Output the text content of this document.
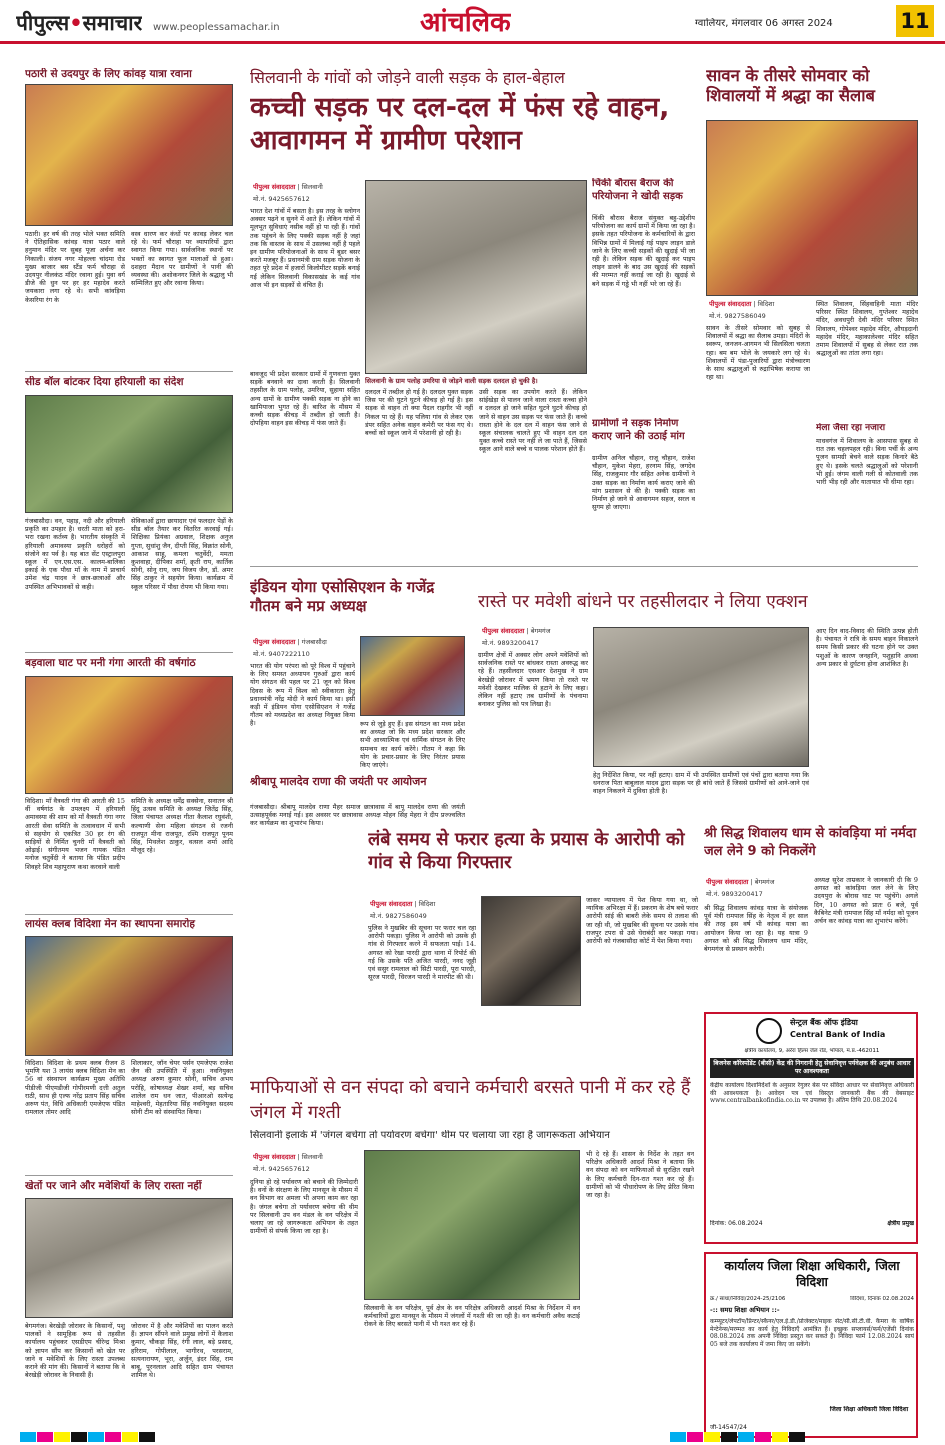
पीपुल्स•समाचार www.peoplessamachar.in	आंचलिक	ग्वालियर, मंगलवार 06 अगस्त 2024	11
पठारी से उदयपुर के लिए कांवड़ यात्रा रवाना
पठारी। हर वर्ष की तरह भोले भक्त समिति ने ऐतिहासिक कांवड़ यात्रा पठार वाले हनुमान मंदिर पर सुबह पूजा अर्चना कर निकाली। संजय नगर मोहल्ला चांदमा रोड मुख्य बाजार बस स्टैंड फर्म चौराहा से उदयपुर नीलकंठ मंदिर रवाना हुई। युवा वर्ग डीजे की धुन पर हर हर महादेव करते जयकारा लगा रहे थे। सभी कांवड़िया केसरिया रंग के
वस्त्र धारण कर कंधों पर कावड़ लेकर चल रहे थे। फर्म चौराहा पर व्यापारियों द्वारा स्वागत किया गया। सार्वजनिक स्थानों पर भक्तों का स्वागत फूल मालाओं से हुआ। दशहरा मैदान पर ग्रामीणों ने पानी की व्यवस्था की। अशोकनगर जिले के श्रद्धालु भी सम्मिलित हुए और रवाना किया।
सीड बॉल बांटकर दिया हरियाली का संदेश
गंजबासौदा। वन, पहाड़, नदी और हरियाली प्रकृति का उपहार है। धरती माता को हरा-भरा रखना कर्तव्य है। भारतीय संस्कृति में हरियाली अमावस्या प्रकृति धरोहरों को संजोने का पर्व है। यह बात सेंट एस्ट्रालपुरा स्कूल में एन.एस.एस. कालम-बालिका इकाई के एक पौधा माँ के नाम में प्राचार्य उमेश चंद्र यादव ने छात्र-छात्राओं और उपस्थित अभिभावकों से कही।
सेविकाओं द्वारा छायादार एवं फलदार पेड़ों के सीड बॉल तैयार कर वितरित करवाई गई। शिक्षिका प्रियंका अग्रवाल, शिक्षक अनुज गुप्ता, सुधांशु जैन, दीप्ती सिंह, विक्रांत सोनी, आकाश साहू, कमला चतुर्वेदी, ममता कुशवाहा, दीपिका शर्मा, क्रृती राय, कार्तिक सोनी, सोनू राय, जय विजय जैन, डॉ. अमर सिंह ठाकुर ने सहयोग किया। कार्यक्रम में स्कूल परिसर में पौधा रोपण भी किया गया।
बड़वाला घाट पर मनी गंगा आरती की वर्षगांठ
विदिशा। माँ वैत्रवती गंगा की आरती की 15 वीं वर्षगांठ के उपलक्ष्य में हरियाली अमावस्या की शाम को माँ वैत्रवती गंगा नगर आरती सेवा समिति के तत्वावधान में सभी से सहयोग से एकत्रित 30 हर रंग की साड़ियों से निर्मित चुनरी माँ वैत्रवती को ओढ़ाई। संगीतमय भजन गायक पंडित मनोज चतुर्वेदी ने बताया कि पंडित प्रदीप शिवहरे शिव महापुराण कथा करवाने वाली
समिति के अध्यक्ष धर्मेंद्र सक्सेना, सनातन श्री हिंदू उत्सव समिति के अध्यक्ष जितेंद्र सिंह, जिला पंचायत अध्यक्ष गीता कैलाश रघुवंशी, कल्याणी सेना महिला संगठन से रजनी राजपूत मीना राजपूत, रश्मि राजपूत पूनम सिंह, मिथलेश ठाकुर, वत्सल शर्मा आदि मौजूद रहे।
लायंस क्लब विदिशा मेन का स्थापना समारोह
विदिशा। विदिशा के प्रथम क्लब रीजन 8 भूमणि यश 3 लायंस क्लब विदिशा मेन का 56 वां संस्थापन कार्यक्रम मुख्य अतिथि पीडीजी पीएमडीजी गोपीरमणी दत्ती अतुल राठी, साथ ही एल्फ नरेंद्र प्रताप सिंह सचिव अरुण पंत, विधि अधिकारी एमजेएफ पंडित रामलाल तोमर आदि
शिलाकार, जॉन चेयर पर्सन एमजेएफ राजेश जैन की उपस्थिति में हुआ। नवनियुक्त अध्यक्ष अरुण कुमार सोनी, सचिव अभय परोहि, कोषाध्यक्ष शेखर शर्मा, बड़ सचिव शालेल राम धन जात, पीआरओ सत्येन्द्र माहेश्वरी, मेहतारिया सिंह नवनियुक्त सदस्य सोनी टीम को संस्थापित किया।
खेतों पर जाने और मवेशियों के लिए रास्ता नहीं
बेगमगंज। बेरखेड़ी जोरावर के किसानों, पशु पालकों ने सामूहिक रूप से तहसील कार्यालय पहुंचकर एसडीएम चीरेन्द्र मिश्रा को ज्ञापन सौंप कर किसानों को खेत पर जाने व मवेशियों के लिए रास्ता उपलब्ध कराने की मांग की। किसानों ने बताया कि वे बेरखेड़ी जोरावर के निवासी हैं।
जोरावर में है और मवेशियों का पालन करते हैं। ज्ञापन सौंपने वाले प्रमुख लोगों में कैलाश कुमार, चौकड़ा सिंह, रंगी लाल, बड़े प्रसाद, हरिराम, गोपीलाल, भागीरथ, परसराम, सत्यनारायण, भूरा, अर्जुन, इंदर सिंह, राम बाबू, पूरनलाल आदि सहित ग्राम पंचायत शामिल थे।
सिलवानी के गांवों को जोड़ने वाली सड़क के हाल-बेहाल
कच्ची सड़क पर दल-दल में फंस रहे वाहन, आवागमन में ग्रामीण परेशान
पीपुल्स संवाददाता | सिलवानी
मो.नं. 9425657612
भारत देश गांवों में बसता है। इस तरह के स्लोगन अक्सर पढ़ने व सुनने में आते हैं। लेकिन गांवों में मूलभूत सुविधाएं नसीब नहीं हो पा रही हैं। गांवों तक पहुंचने के लिए पक्की सड़क नहीं है जहां तक कि वास्तव के साथ में उसलब्ध नहीं है पहले इन ग्रामीण परियोजनाओं के साथ में बुडर बसर करते मजबूर हैं। प्रधानमंत्री ग्राम सड़क योजना के तहत पूरे प्रदेश में हजारों किलोमीटर सड़कें बनाई गईं लेकिन सिलवानी विकासखंड के कई गांव आज भी इन सड़कों से वंचित हैं।
बावजूद भी प्रदेश सरकार ग्रामों में गुणवत्ता युक्त सड़कें बनवाने का दावा करती है। सिलवानी तहसील के ग्राम पलोह, उमरिया, सुहाया सहित अन्य ग्रामों के ग्रामीण पक्की सड़क ना होने का खामियाजा भुगत रहे हैं। बारिश के मौसम में कच्ची सड़क कीचड़ में तब्दील हो जाती है। दोपहिया वाहन इस कीचड़ में फंस जाते हैं।
सिलवानी के ग्राम पलोह उमरिया से जोड़ने वाली सड़क दलदल हो चुकी है।
दलदल में तब्दील हो गई है। दलदल युक्त सड़क जिस पर की घुटने घुटने कीचड़ हो गई है। इस सड़क से वाहन तो क्या पैदल राहगीर भी नहीं निकल पा रहे हैं। यह पलिया गांव से लेकर एक डंपर सहित अनेक वाहन कमेरी पर फंस गए थे। बच्चों को स्कूल जाने में परेशानी हो रही है।
उसी सड़क का उपयोग करते हैं। लेकिन सांईखेड़ा से पालन जाने वाला रास्ता कच्चा होने व दलदल हो जाने सहित घुटने घुटने कीचड़ हो जाने से वाहन उस सड़क पर फंस जाते हैं। कच्चे रास्ता होने के दल दल में वाहन फंस जाने से स्कूल संचालक चालते हुए भी वाहन दल दल युक्त कच्चे रास्ते पर नहीं ले जा पाते हैं, जिससे स्कूल आने वाले बच्चे व पालक परेशान होते हैं।
चिंकी बौरास बैराज की परियोजना ने खोदी सड़क
चिंकी बौरास बैराज संयुक्त बहु-उद्देशीय परियोजना का कार्य ग्रामों में किया जा रहा है। इसके तहत परियोजना के कर्मचारियों के द्वारा विभिन्न ग्रामों में मिलाई गई पाइप लाइन डाले जाने के लिए कच्ची सड़कों की खुदाई भी जा रही है। लेकिन सड़क की खुदाई कर पाइप लाइन डालने के बाद उस खुदाई की सड़कों की मरम्मत नहीं कराई जा रही है। खुदाई से बने सड़क में गड्ढे भी नहीं भरे जा रहे हैं।
ग्रामीणों ने सड़क निर्माण कराए जाने की उठाई मांग
ग्रामीण अनिल चौहान, राजू चौहान, राजेश चौहान, मुकेश मेहरा, हरनाम सिंह, जगदेव सिंह, राजकुमार गौर सहित अनेक ग्रामीणों ने उक्त सड़क का निर्माण कार्य कराए जाने की मांग प्रशासन से की है। पक्की सड़क का निर्माण हो जाने से आवागमन सहज, सरल व सुगम हो जाएगा।
सावन के तीसरे सोमवार को शिवालयों में श्रद्धा का सैलाब
पीपुल्स संवाददाता | विदिशा
मो.नं. 9827586049
सावन के तीसरे सोमवार को सुबह से शिवालयों में श्रद्धा का सैलाब उमड़ा। मंदिरों के स्वरूप, जनजन-आगमन भी सिलसिला चलता रहा। बम बम भोले के जयकारे लग रहे थे। शिवालयों में पंडा-पुजारियों द्वारा मंत्रोच्चारण के साथ श्रद्धालुओं से रुद्राभिषेक कराया जा रहा था।
स्थित शिवालय, सिंहवाहिनी माता मंदिर परिसर स्थित शिवालय, गुप्तेश्वर महादेव मंदिर, अवधपुरी देवी मंदिर परिसर स्थित शिवालय, गोपेश्वर महादेव मंदिर, औघड़दानी महादेव मंदिर, महाकालेश्वर मंदिर सहित तमाम शिवालयों में सुबह से लेकर रात तक श्रद्धालुओं का तांता लगा रहा।
मेला जैसा रहा नजारा
माधवगंज में शिवालय के आसपास सुबह से रात तक चहलपहल रही। बिना पर्ची के अन्य पूजन सामग्री बेचने वाले सड़क किनारे बैठे हुए थे। इसके चलते श्रद्धालुओं को परेशानी भी हुई। जंगम वाली गली से कोतवाली तक भारी भीड़ रही और यातायात भी धीमा रहा।
इंडियन योगा एसोसिएशन के गजेंद्र गौतम बने मप्र अध्यक्ष
पीपुल्स संवाददाता | गंजबासौदा
मो.नं. 9407222110
भारत की योग परंपरा को पूरे विश्व में पहुंचाने के लिए समस्त अध्यापन गुरुओं द्वारा कार्य योग संगठन की पहल पर 21 जून को विश्व दिवस के रूप में विश्व को स्वीकारता हेतु प्रधानमंत्री नरेंद्र मोदी ने कार्य किया था। इसी कड़ी में इंडियन योगा एसोसिएशन ने गजेंद्र गौतम को मध्यप्रदेश का अध्यक्ष नियुक्त किया है।	रूप से जुड़े हुए हैं। इस संगठन का मध्य प्रदेश का अध्यक्ष जो कि मध्य प्रदेश सरकार और सभी आध्यात्मिक एवं धार्मिक संगठन के लिए समन्वय का कार्य करेंगे। गौतम ने कहा कि योग के प्रचार-प्रसार के लिए निरंतर प्रयास किए जाएंगे।
श्रीबापू मालदेव राणा की जयंती पर आयोजन
गंजबासौदा। श्रीबापू मालदेव राणा मैहर समाज छात्रावास में बापू मालदेव राणा की जयंती उत्साहपूर्वक मनाई गई। इस अवसर पर छात्रावास अध्यक्ष मोहन सिंह मेहरा ने दीप प्रज्ज्वलित कर कार्यक्रम का शुभारंभ किया।
रास्ते पर मवेशी बांधने पर तहसीलदार ने लिया एक्शन
पीपुल्स संवाददाता | बेगमगंज
मो.नं. 9893200417
ग्रामीण क्षेत्रों में अक्सर लोग अपने मवेशियों को सार्वजनिक रास्ते पर बांधकर रास्ता अवरुद्ध कर रहे हैं। तहसीलदार एसआर देशमुख ने ग्राम बेरखेड़ी जोरावर में भ्रमण किया तो रास्ते पर मवेशी देखकर मालिक से हटाने के लिए कहा। लेकिन नहीं हटाए तब ग्रामीणों के पंचनामा बनाकर पुलिस को पत्र लिखा है।
हेतु निर्देशित किया, पर नहीं हटाए। ग्राम में भी उपस्थित ग्रामीणों एवं पंचों द्वारा बताया गया कि धनराज पिता बाबूलाल यादव द्वारा सड़क पर ही बांधे जाते हैं जिससे ग्रामीणों को आने-जाने एवं वाहन निकलने में दुविधा होती है।
आए दिन वाद-विवाद की स्थिति उत्पन्न होती है। पंचायत ने रात्रि के समय बाहन निकालने समय किसी प्रकार की घटना होने पर उक्त पशुओं के कारण जनहानि, पशुहानि अथवा अन्य प्रकार से दुर्घटना होना आशंकित है।
लंबे समय से फरार हत्या के प्रयास के आरोपी को गांव से किया गिरफ्तार
पीपुल्स संवाददाता | विदिशा
मो.नं. 9827586049
पुलिस ने मुखबिर की सूचना पर फरार चल रहा आरोपी पकड़ा। पुलिस ने आरोपी को उसके ही गांव से गिरफ्तार करने में सफलता पाई। 14. अगस्त को रेखा पारदी द्वारा थाना में रिपोर्ट की गई कि उसके पति अजित पारदी, ननद जूही एवं ससुर रामलाल को सिटी पारदी, पूरा पारदी, सूरज पारदी, धिरजन पारदी ने मारपीट की थी।
जाकर न्यायालय में पेश किया गया था, जो न्यायिक अभिरक्षा में हैं। प्रकरण के शेष बचे फरार आरोपी सांई की बाबरी लेके समय से तलाश की जा रही थी, जो मुखबिर की सूचना पर उसके गांव राजपुर टपरा से उसे घेराबंदी कर पकड़ा गया। आरोपी को गंजबासौदा कोर्ट में पेश किया गया।
श्री सिद्ध शिवालय धाम से कांवड़िया मां नर्मदा जल लेने 9 को निकलेंगे
पीपुल्स संवाददाता | बेगमगंज
मो.नं. 9893200417
श्री सिद्ध शिवालय कांवड़ यात्रा के संयोजक पूर्व मंत्री रामपाल सिंह के नेतृत्व में हर साल की तरह इस वर्ष भी कांवड़ यात्रा का आयोजन किया जा रहा है। यह यात्रा 9 अगस्त को श्री सिद्ध शिवालय धाम मंदिर, बेगमगंज से प्रस्थान करेगी।
अध्यक्ष सुरेश ताम्रकार ने जानकारी दी कि 9 अगस्त को कांवड़िया जल लेने के लिए उदयपुरा के बोरास घाट पर पहुंचेंगे। अगले दिन, 10 अगस्त को प्रातः 6 बजे, पूर्व कैबिनेट मंत्री रामपाल सिंह माँ नर्मदा को पूजन अर्चन कर कांवड़ यात्रा का शुभारंभ करेंगे।
माफियाओं से वन संपदा को बचाने कर्मचारी बरसते पानी में कर रहे हैं जंगल में गश्ती
सिलवानी इलाके में 'जंगल बचेगा तो पर्यावरण बचेगा' थीम पर चलाया जा रहा है जागरूकता अभियान
पीपुल्स संवाददाता | सिलवानी
मो.नं. 9425657612
दुनिया हो रहे पर्यावरण को बचाने की जिम्मेदारी है। वनों के संरक्षण के लिए मानसून के मौसम में वन विभाग का अमला भी अपना काम कर रहा है। जंगल बचेगा तो पर्यावरण बचेगा की थीम पर सिलवानी उप वन मंडल के वन परिक्षेत्र में चलाए जा रहे जागरूकता अभियान के तहत ग्रामीणों से संपर्क किया जा रहा है।
सिलवानी के वन परिक्षेत्र, पूर्व क्षेत्र के वन परिक्षेत्र अधिकारी आदर्श मिश्रा के निर्देशन में वन कर्मचारियों द्वारा मानसून के मौसम में जंगलों में गश्ती की जा रही है। वन कर्मचारी अवैध कटाई रोकने के लिए बरसते पानी में भी गश्त कर रहे हैं।
भी दे रहे हैं। शासन के निर्देश के तहत वन परिक्षेत्र अधिकारी आदर्श मिश्रा ने बताया कि वन संपदा को वन माफियाओं से सुरक्षित रखने के लिए कर्मचारी दिन-रात गश्त कर रहे हैं। ग्रामीणों को भी पौधारोपण के लिए प्रेरित किया जा रहा है।
सेन्ट्रल बैंक ऑफ इंडिया
Central Bank of India
क्षेत्रीय कार्यालय, 9, अरेरा हिल्स जेल रोड, भोपाल, म.प्र.-462011
बिजनेस कॉरेस्पोंडेंट (बीसी) केंद्र की निगरानी हेतु सेवानिवृत्त पर्यवेक्षक की अनुबंध आधार पर आवश्यकता
केंद्रीय कार्यालय दिशानिर्देशों के अनुसार रेगुलर बेस पर संविदा आधार पर सेवानिवृत्त अधिकारी की आवश्यकता है। आवेदन पत्र एवं विस्तृत जानकारी बैंक की वेबसाइट www.centralbankofindia.co.in पर उपलब्ध है। अंतिम तिथि 20.08.2024
दिनांक: 06.08.2024	क्षेत्रीय प्रमुख
कार्यालय जिला शिक्षा अधिकारी, जिला विदिशा
क्र./ साधा/निविदा/2024-25/2106	विदिशा, दिनांक 02.08.2024
-:: समग्र शिक्षा अभियान ::-
कम्प्यूटर/लेपटॉप/प्रिन्टर/स्कैनर/एल.ई.डी./प्रोजेक्टर/माइक सेट/सी.सी.टी.वी. कैमरा के वार्षिक मेन्टेनेन्स/मरम्मत का कार्य हेतु निविदाएँ आमंत्रित हैं। इच्छुक सप्लायर्स/फर्म/एजेंसी दिनांक 08.08.2024 तक अपनी निविदा प्रस्तुत कर सकते हैं। निविदा फार्म 12.08.2024 सायं 05 बजे तक कार्यालय में जमा किए जा सकेंगे।
जिला शिक्षा अधिकारी जिला विदिशा
जी-14547/24
